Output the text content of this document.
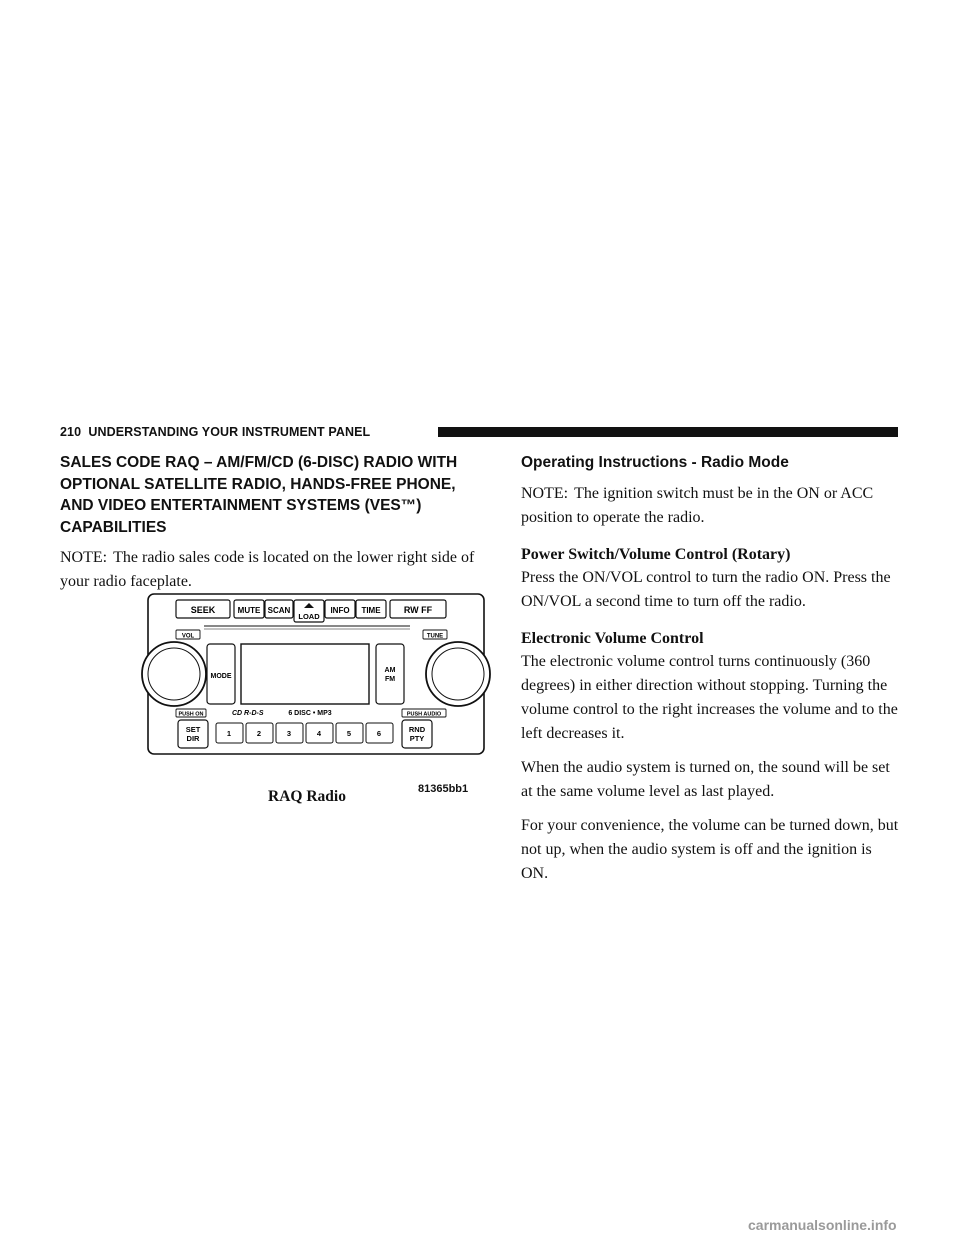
210 UNDERSTANDING YOUR INSTRUMENT PANEL
SALES CODE RAQ – AM/FM/CD (6-DISC) RADIO WITH OPTIONAL SATELLITE RADIO, HANDS-FREE PHONE, AND VIDEO ENTERTAINMENT SYSTEMS (VES™) CAPABILITIES

NOTE: The radio sales code is located on the lower right side of your radio faceplate.

SEEK	MUTE SCAN
LOAD
INFO TIME	RW FF
VOL	TUNE
MODE
AM
FM
PUSH ON	CD R-D-S	6 DISC • MP3	PUSH AUDIO
SET
DIR
1	2	3	4	5	6	RND
PTY
81365bb1
RAQ Radio
Operating Instructions - Radio Mode

NOTE: The ignition switch must be in the ON or ACC position to operate the radio.

Power Switch/Volume Control (Rotary)

Press the ON/VOL control to turn the radio ON. Press the ON/VOL a second time to turn off the radio.

Electronic Volume Control

The electronic volume control turns continuously (360 degrees) in either direction without stopping. Turning the volume control to the right increases the volume and to the left decreases it.

When the audio system is turned on, the sound will be set at the same volume level as last played.

For your convenience, the volume can be turned down, but not up, when the audio system is off and the ignition is ON.

carmanualsonline.info
